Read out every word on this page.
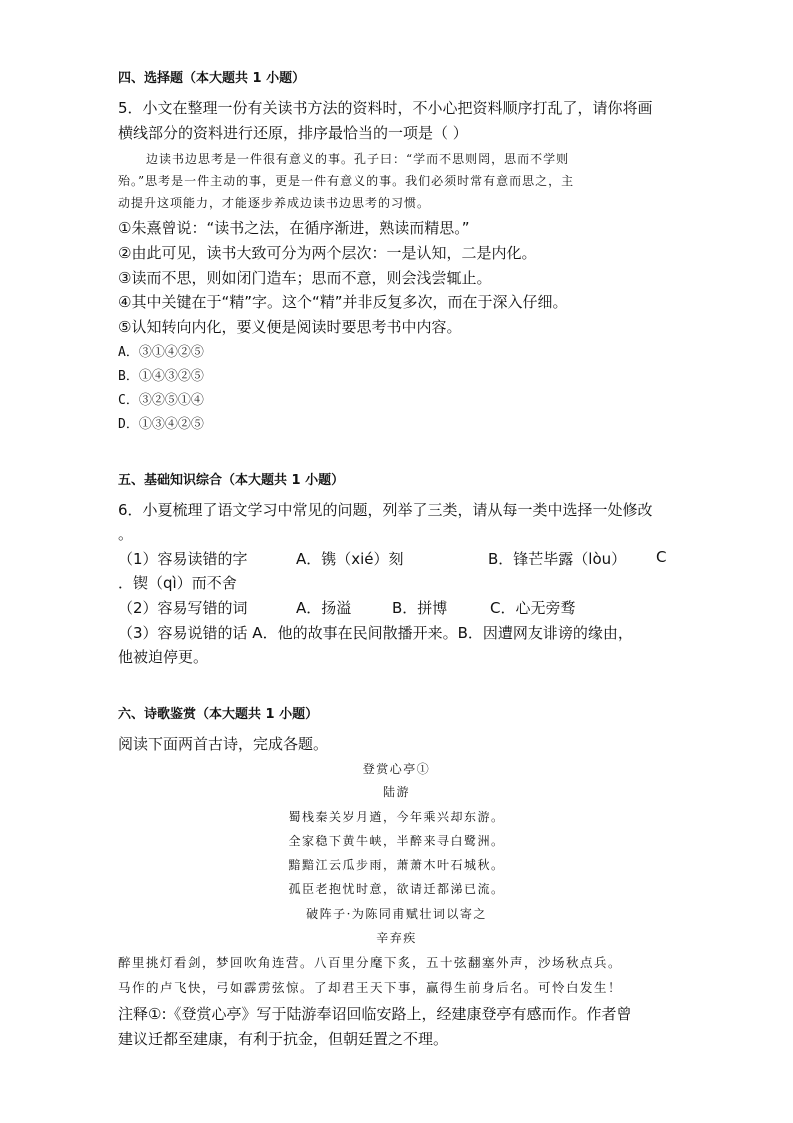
四、选择题（本大题共 1 小题）
5．小文在整理一份有关读书方法的资料时，不小心把资料顺序打乱了，请你将画
横线部分的资料进行还原，排序最恰当的一项是（ ）
边读书边思考是一件很有意义的事。孔子曰：“学而不思则罔，思而不学则
殆。”思考是一件主动的事，更是一件有意义的事。我们必须时常有意而思之，主
动提升这项能力，才能逐步养成边读书边思考的习惯。
①朱熹曾说：“读书之法，在循序渐进，熟读而精思。”
②由此可见，读书大致可分为两个层次：一是认知，二是内化。
③读而不思，则如闭门造车；思而不意，则会浅尝辄止。
④其中关键在于“精”字。这个“精”并非反复多次，而在于深入仔细。
⑤认知转向内化，要义便是阅读时要思考书中内容。
A．③①④②⑤
B．①④③②⑤
C．③②⑤①④
D．①③④②⑤
五、基础知识综合（本大题共 1 小题）
6．小夏梳理了语文学习中常见的问题，列举了三类，请从每一类中选择一处修改
。
（1）容易读错的字	A．镌（xié）刻	B．锋芒毕露（lòu） C
．锲（qì）而不舍
（2）容易写错的词	A．扬溢	B．拼博	C．心无旁骛
（3）容易说错的话 A．他的故事在民间散播开来。B．因遭网友诽谤的缘由，
他被迫停更。
六、诗歌鉴赏（本大题共 1 小题）
阅读下面两首古诗，完成各题。
登赏心亭①
陆游
蜀栈秦关岁月遒，今年乘兴却东游。
全家稳下黄牛峡，半醉来寻白鹭洲。
黯黯江云瓜步雨，萧萧木叶石城秋。
孤臣老抱忧时意，欲请迁都涕已流。
破阵子·为陈同甫赋壮词以寄之
辛弃疾
醉里挑灯看剑，梦回吹角连营。八百里分麾下炙，五十弦翻塞外声，沙场秋点兵。
马作的卢飞快，弓如霹雳弦惊。了却君王天下事，赢得生前身后名。可怜白发生！
注释①:《登赏心亭》写于陆游奉诏回临安路上，经建康登亭有感而作。作者曾
建议迁都至建康，有利于抗金，但朝廷置之不理。
